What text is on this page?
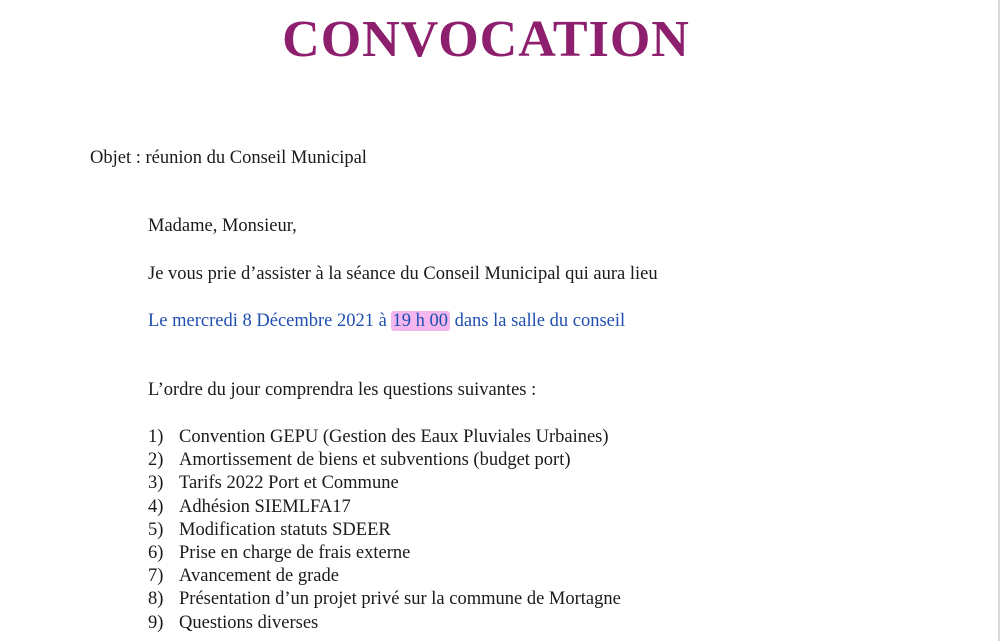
CONVOCATION
Objet : réunion du Conseil Municipal
Madame, Monsieur,
Je vous prie d’assister à la séance du Conseil Municipal qui aura lieu
Le mercredi 8 Décembre 2021 à 19 h 00 dans la salle du conseil
L’ordre du jour comprendra les questions suivantes :
1) Convention GEPU (Gestion des Eaux Pluviales Urbaines)
2) Amortissement de biens et subventions (budget port)
3) Tarifs 2022 Port et Commune
4) Adhésion SIEMLFA17
5) Modification statuts SDEER
6) Prise en charge de frais externe
7) Avancement de grade
8) Présentation d’un projet privé sur la commune de Mortagne
9) Questions diverses
